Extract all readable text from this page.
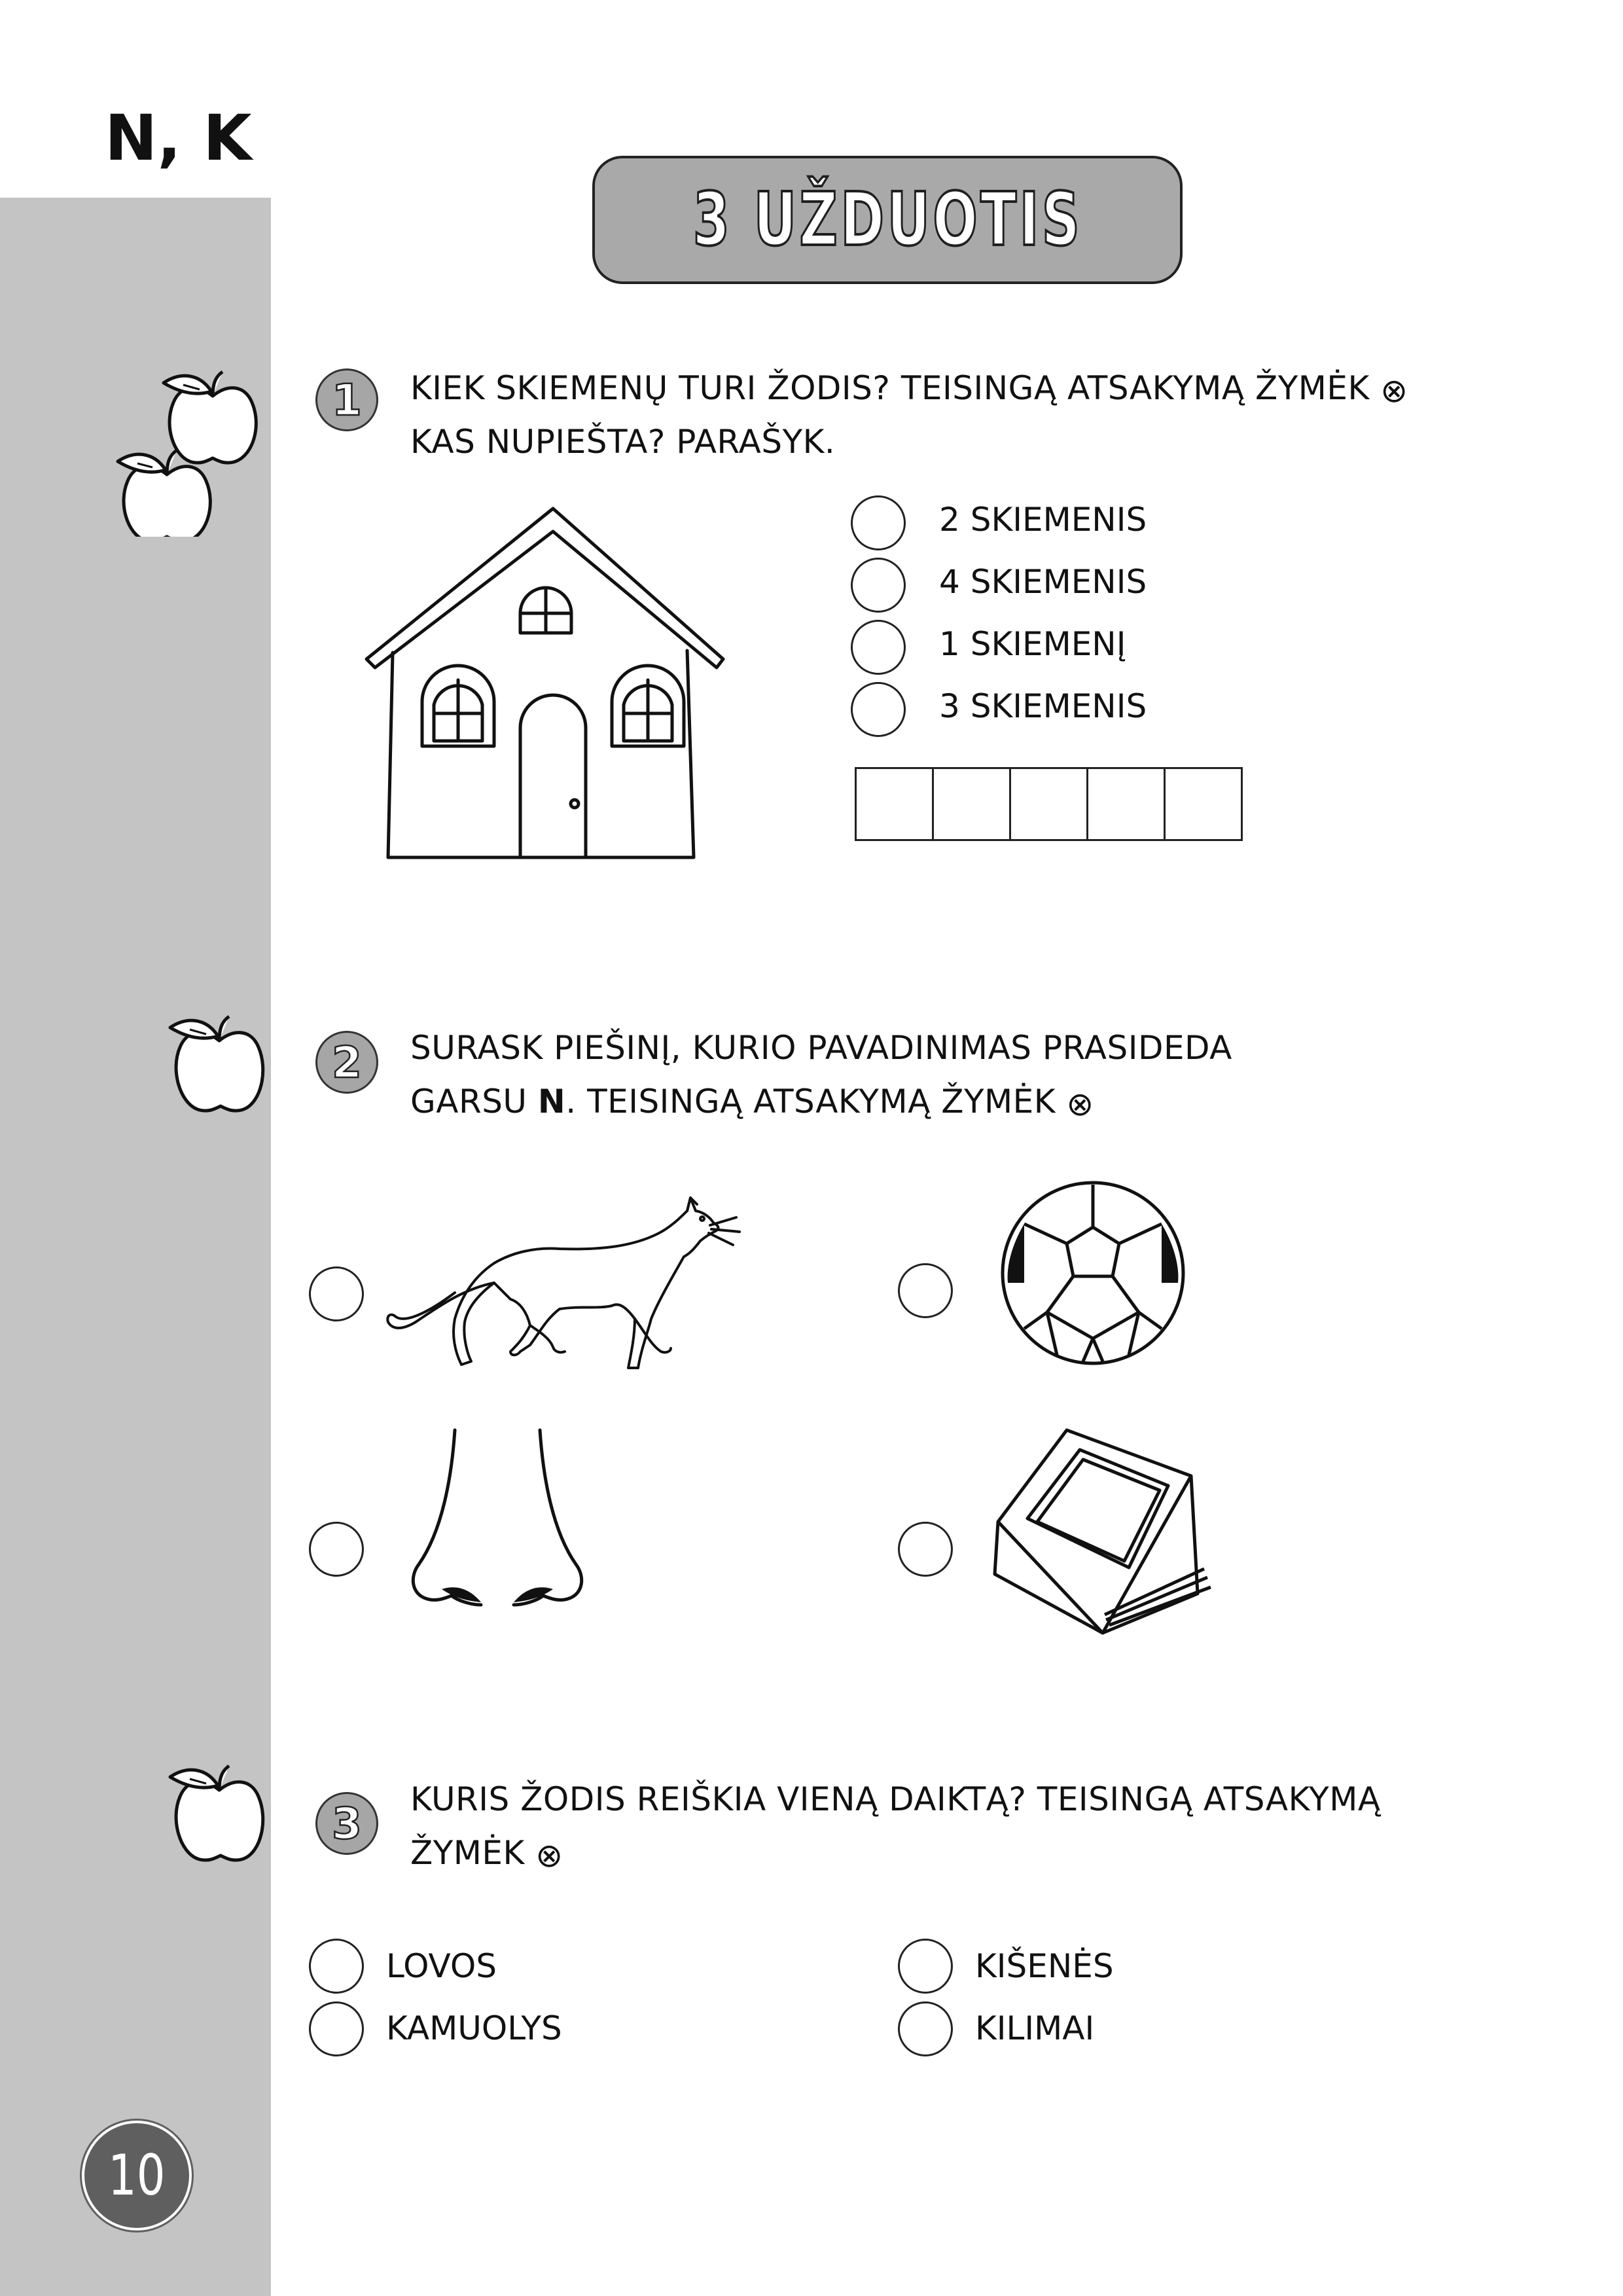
N, K
3 UŽDUOTIS
1	KIEK SKIEMENŲ TURI ŽODIS? TEISINGĄ ATSAKYMĄ ŽYMĖK ⊗
KAS NUPIEŠTA? PARAŠYK.
2 SKIEMENIS
4 SKIEMENIS
1 SKIEMENĮ
3 SKIEMENIS
2	SURASK PIEŠINĮ, KURIO PAVADINIMAS PRASIDEDA
GARSU N. TEISINGĄ ATSAKYMĄ ŽYMĖK ⊗
3	KURIS ŽODIS REIŠKIA VIENĄ DAIKTĄ? TEISINGĄ ATSAKYMĄ
ŽYMĖK ⊗
LOVOS	KIŠENĖS
KAMUOLYS	KILIMAI
10
